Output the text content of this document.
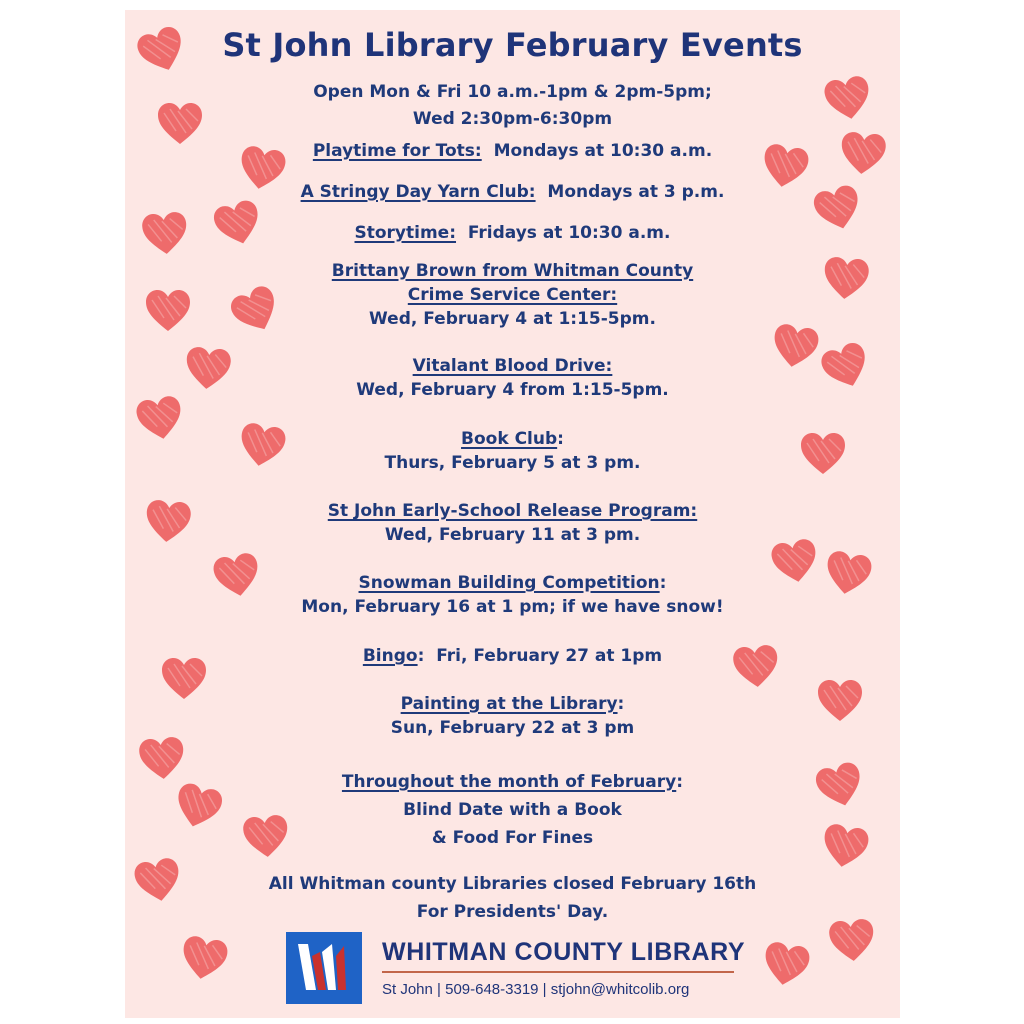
St John Library February Events
Open Mon & Fri 10 a.m.-1pm & 2pm-5pm;
Wed 2:30pm-6:30pm
Playtime for Tots: Mondays at 10:30 a.m.
A Stringy Day Yarn Club: Mondays at 3 p.m.
Storytime: Fridays at 10:30 a.m.
Brittany Brown from Whitman County
Crime Service Center:
Wed, February 4 at 1:15-5pm.
Vitalant Blood Drive:
Wed, February 4 from 1:15-5pm.
Book Club:
Thurs, February 5 at 3 pm.
St John Early-School Release Program:
Wed, February 11 at 3 pm.
Snowman Building Competition:
Mon, February 16 at 1 pm; if we have snow!
Bingo: Fri, February 27 at 1pm
Painting at the Library:
Sun, February 22 at 3 pm
Throughout the month of February:
Blind Date with a Book
& Food For Fines
All Whitman county Libraries closed February 16th
For Presidents' Day.
WHITMAN COUNTY LIBRARY
St John | 509-648-3319 | stjohn@whitcolib.org
